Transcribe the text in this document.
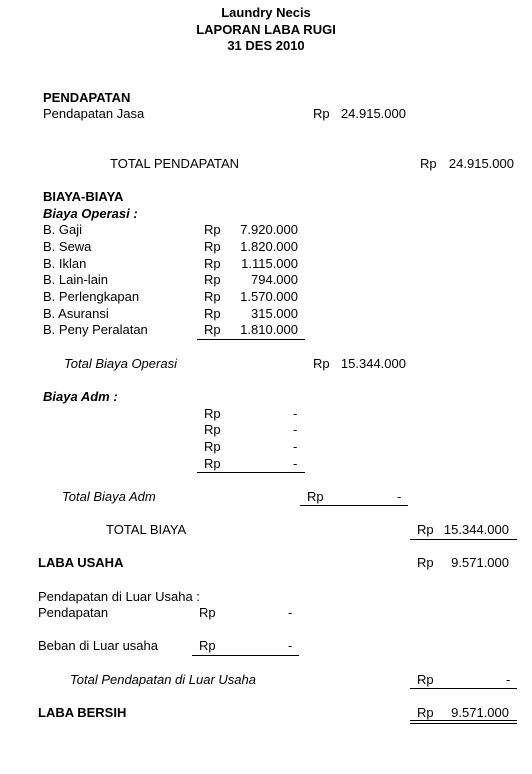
Laundry Necis
LAPORAN LABA RUGI
31 DES 2010
PENDAPATAN
Pendapatan Jasa	Rp 24.915.000
TOTAL PENDAPATAN	Rp 24.915.000
BIAYA-BIAYA
Biaya Operasi :
B. Gaji	Rp	7.920.000
B. Sewa	Rp	1.820.000
B. Iklan	Rp	1.115.000
B. Lain-lain	Rp	794.000
B. Perlengkapan	Rp	1.570.000
B. Asuransi	Rp	315.000
B. Peny Peralatan	Rp	1.810.000
Total Biaya Operasi	Rp 15.344.000
Biaya Adm :
Rp	-
Rp	-
Rp	-
Rp	-
Total Biaya Adm	Rp	-
TOTAL BIAYA	Rp 15.344.000
LABA USAHA	Rp	9.571.000
Pendapatan di Luar Usaha :
Pendapatan	Rp	-
Beban di Luar usaha	Rp	-
Total Pendapatan di Luar Usaha	Rp	-
LABA BERSIH	Rp	9.571.000
